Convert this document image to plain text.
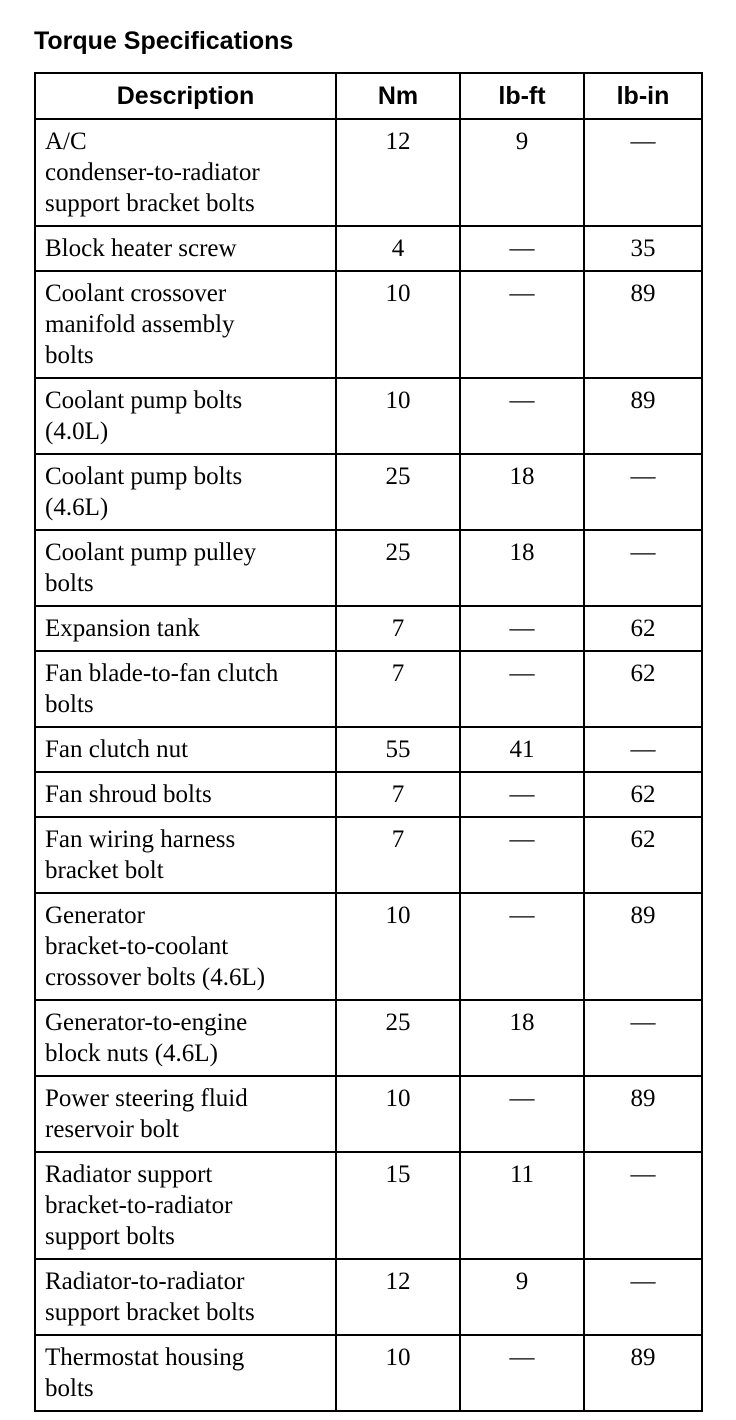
Torque Specifications
Description	Nm	lb-ft	lb-in
A/C
condenser-to-radiator
support bracket bolts	12	9	—
Block heater screw	4	—	35
Coolant crossover
manifold assembly
bolts	10	—	89
Coolant pump bolts
(4.0L)	10	—	89
Coolant pump bolts
(4.6L)	25	18	—
Coolant pump pulley
bolts	25	18	—
Expansion tank	7	—	62
Fan blade-to-fan clutch
bolts	7	—	62
Fan clutch nut	55	41	—
Fan shroud bolts	7	—	62
Fan wiring harness
bracket bolt	7	—	62
Generator
bracket-to-coolant
crossover bolts (4.6L)	10	—	89
Generator-to-engine
block nuts (4.6L)	25	18	—
Power steering fluid
reservoir bolt	10	—	89
Radiator support
bracket-to-radiator
support bolts	15	11	—
Radiator-to-radiator
support bracket bolts	12	9	—
Thermostat housing
bolts	10	—	89
